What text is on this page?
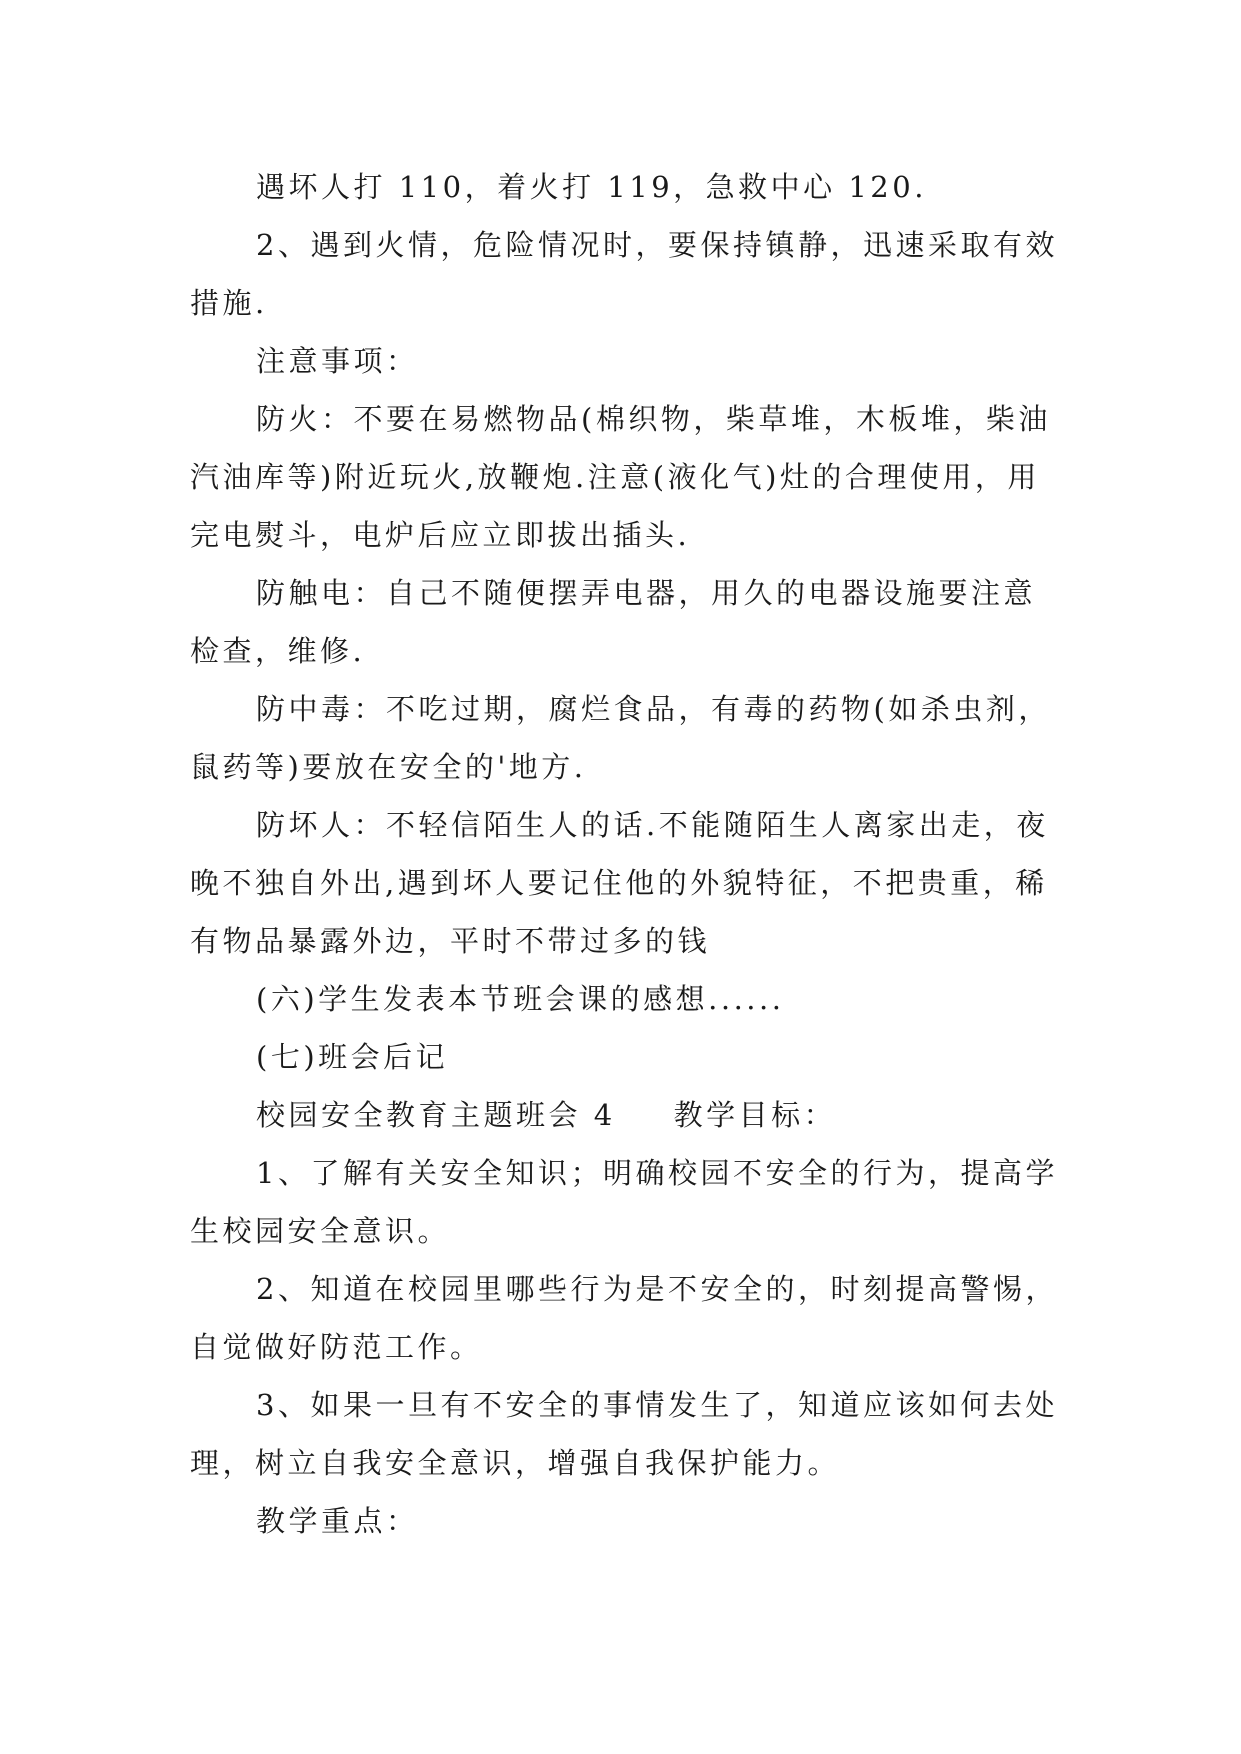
遇坏人打 110，着火打 119，急救中心 120.

2、遇到火情，危险情况时，要保持镇静，迅速采取有效措施.

注意事项：

防火：不要在易燃物品(棉织物，柴草堆，木板堆，柴油汽油库等)附近玩火,放鞭炮.注意(液化气)灶的合理使用，用完电熨斗，电炉后应立即拔出插头.

防触电：自己不随便摆弄电器，用久的电器设施要注意检查，维修.

防中毒：不吃过期，腐烂食品，有毒的药物(如杀虫剂，鼠药等)要放在安全的'地方.

防坏人：不轻信陌生人的话.不能随陌生人离家出走，夜晚不独自外出,遇到坏人要记住他的外貌特征，不把贵重，稀有物品暴露外边，平时不带过多的钱

(六)学生发表本节班会课的感想......

(七)班会后记

校园安全教育主题班会 4 教学目标：

1、了解有关安全知识；明确校园不安全的行为，提高学生校园安全意识。

2、知道在校园里哪些行为是不安全的，时刻提高警惕，自觉做好防范工作。

3、如果一旦有不安全的事情发生了，知道应该如何去处理，树立自我安全意识，增强自我保护能力。

教学重点：
